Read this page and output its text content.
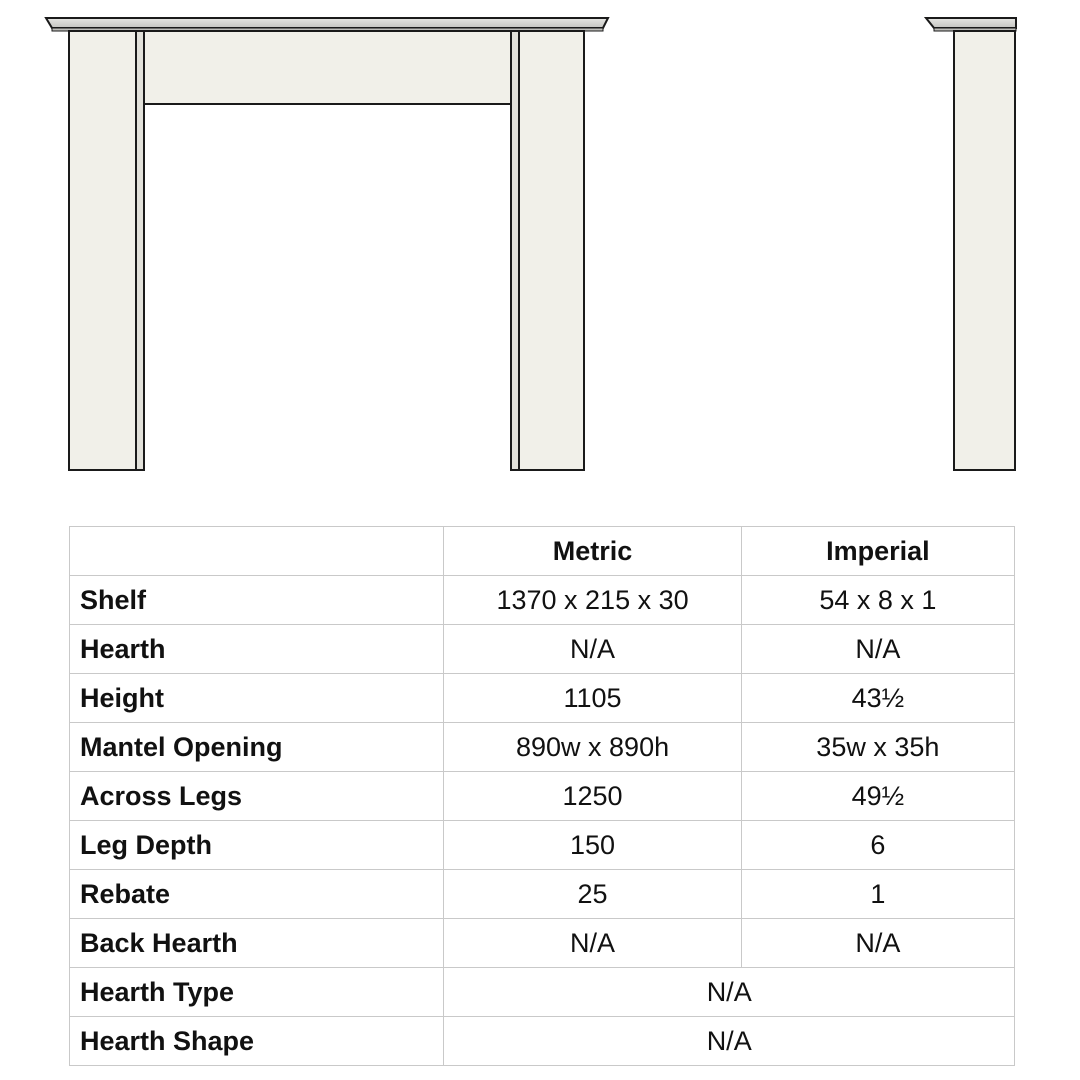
	Metric	Imperial
Shelf	1370 x 215 x 30	54 x 8 x 1
Hearth	N/A	N/A
Height	1105	43½
Mantel Opening	890w x 890h	35w x 35h
Across Legs	1250	49½
Leg Depth	150	6
Rebate	25	1
Back Hearth	N/A	N/A
Hearth Type	N/A	
Hearth Shape	N/A	
